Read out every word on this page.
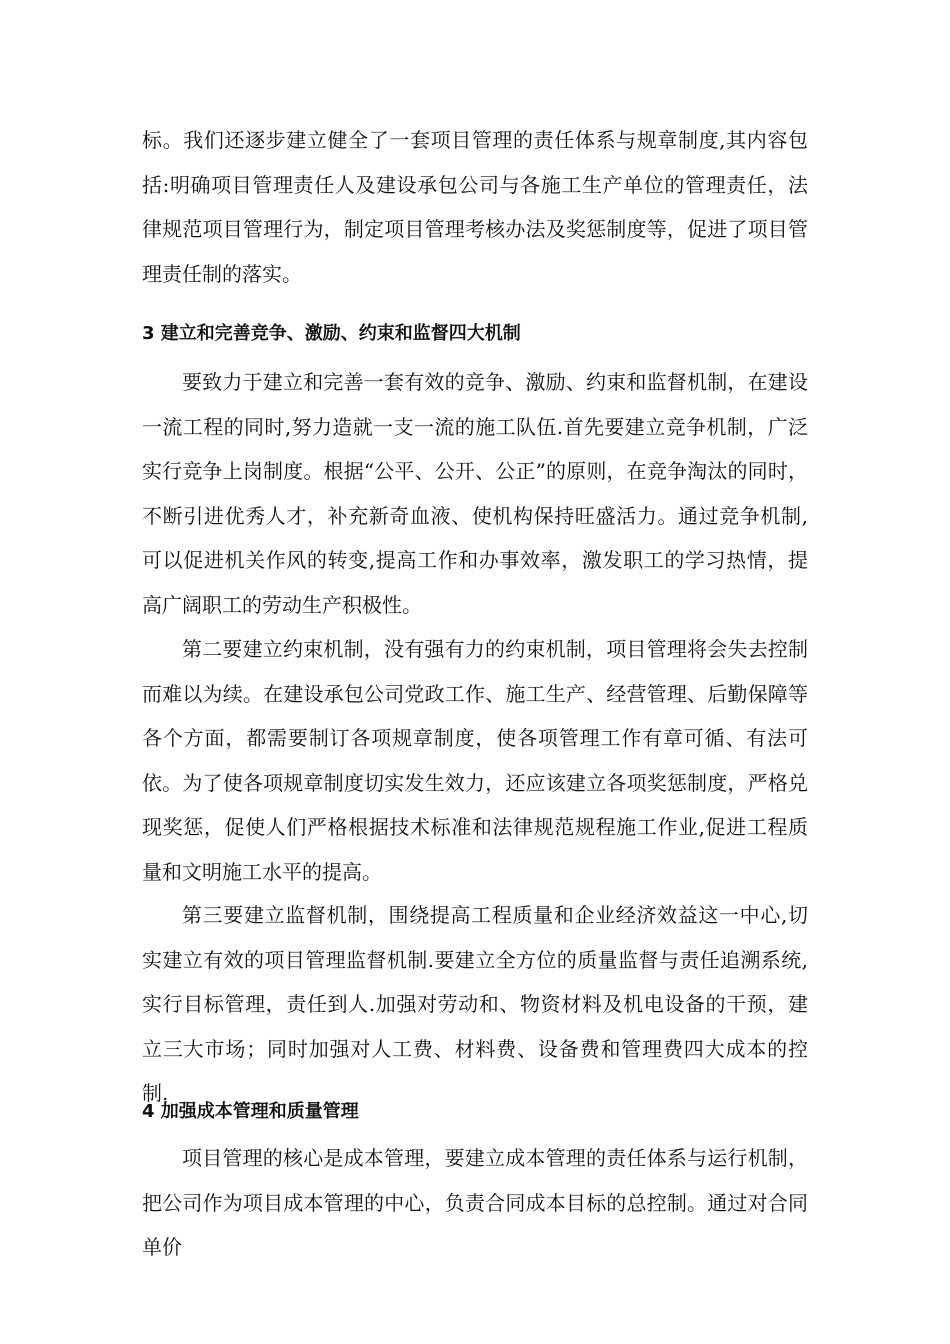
标。我们还逐步建立健全了一套项目管理的责任体系与规章制度,其内容包括:明确项目管理责任人及建设承包公司与各施工生产单位的管理责任，法律规范项目管理行为，制定项目管理考核办法及奖惩制度等，促进了项目管理责任制的落实。

3 建立和完善竞争、激励、约束和监督四大机制

要致力于建立和完善一套有效的竞争、激励、约束和监督机制，在建设一流工程的同时,努力造就一支一流的施工队伍.首先要建立竞争机制，广泛实行竞争上岗制度。根据“公平、公开、公正”的原则，在竞争淘汰的同时，不断引进优秀人才，补充新奇血液、使机构保持旺盛活力。通过竞争机制,可以促进机关作风的转变,提高工作和办事效率，激发职工的学习热情，提高广阔职工的劳动生产积极性。

第二要建立约束机制，没有强有力的约束机制，项目管理将会失去控制而难以为续。在建设承包公司党政工作、施工生产、经营管理、后勤保障等各个方面，都需要制订各项规章制度，使各项管理工作有章可循、有法可依。为了使各项规章制度切实发生效力，还应该建立各项奖惩制度，严格兑现奖惩，促使人们严格根据技术标准和法律规范规程施工作业,促进工程质量和文明施工水平的提高。

第三要建立监督机制，围绕提高工程质量和企业经济效益这一中心,切实建立有效的项目管理监督机制.要建立全方位的质量监督与责任追溯系统,实行目标管理，责任到人.加强对劳动和、物资材料及机电设备的干预，建立三大市场；同时加强对人工费、材料费、设备费和管理费四大成本的控制.

4 加强成本管理和质量管理

项目管理的核心是成本管理，要建立成本管理的责任体系与运行机制，把公司作为项目成本管理的中心，负责合同成本目标的总控制。通过对合同单价
